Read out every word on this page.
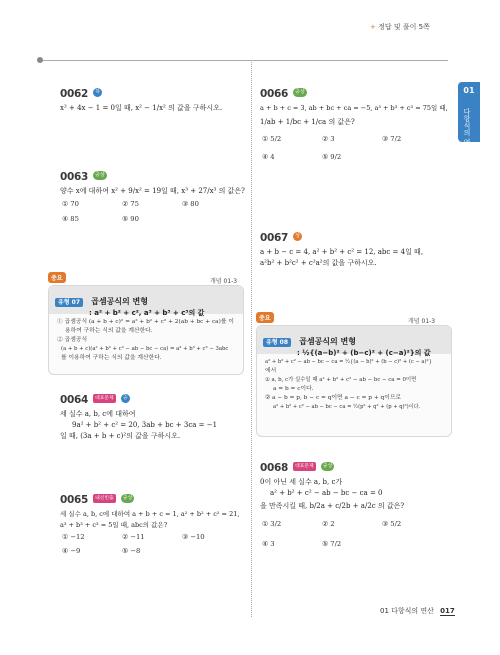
+ 정답 및 풀이 5쪽
01
다항식의 연산
0062 하
x² + 4x − 1 = 0일 때, x² − 1/x² 의 값을 구하시오.
0063 중상
양수 x에 대하여 x² + 9/x² = 19일 때, x³ + 27/x³ 의 값은?
① 70	② 75	③ 80
④ 85	⑤ 90
중요	개념 01-3
유형 07 곱셈공식의 변형
: a² + b² + c², a³ + b³ + c³의 값
① 곱셈공식 (a + b + c)² = a² + b² + c² + 2(ab + bc + ca)를 이
용하여 구하는 식의 값을 계산한다.
② 곱셈공식
(a + b + c)(a² + b² + c² − ab − bc − ca) = a³ + b³ + c³ − 3abc
를 이용하여 구하는 식의 값을 계산한다.
0064 대표문제 중
세 실수 a, b, c에 대하여
9a² + b² + c² = 20, 3ab + bc + 3ca = −1
일 때, (3a + b + c)²의 값을 구하시오.
0065 내신빈출 중상
세 실수 a, b, c에 대하여 a + b + c = 1, a² + b² + c² = 21,
a³ + b³ + c³ = 5일 때, abc의 값은?
① −12	② −11	③ −10
④ −9	⑤ −8
0066 중상
a + b + c = 3, ab + bc + ca = −5, a³ + b³ + c³ = 75일 때,
1/ab + 1/bc + 1/ca 의 값은?
① 5/2	② 3	③ 7/2
④ 4	⑤ 9/2
0067 상
a + b − c = 4, a² + b² + c² = 12, abc = 4일 때,
a²b² + b²c² + c²a²의 값을 구하시오.
중요	개념 01-3
유형 08 곱셈공식의 변형
: ½{(a−b)² + (b−c)² + (c−a)²}의 값
a² + b² + c² − ab − bc − ca = ½{(a − b)² + (b − c)² + (c − a)²}
에서
① a, b, c가 실수일 때 a² + b² + c² − ab − bc − ca = 0이면
a = b = c이다.
② a − b = p, b − c = q이면 a − c = p + q이므로
a² + b² + c² − ab − bc − ca = ½(p² + q² + (p + q)²)이다.
0068 대표문제 중상
0이 아닌 세 실수 a, b, c가
a² + b² + c² − ab − bc − ca = 0
을 만족시킬 때, b/2a + c/2b + a/2c 의 값은?
① 3/2	② 2	③ 5/2
④ 3	⑤ 7/2
01 다항식의 연산 017
